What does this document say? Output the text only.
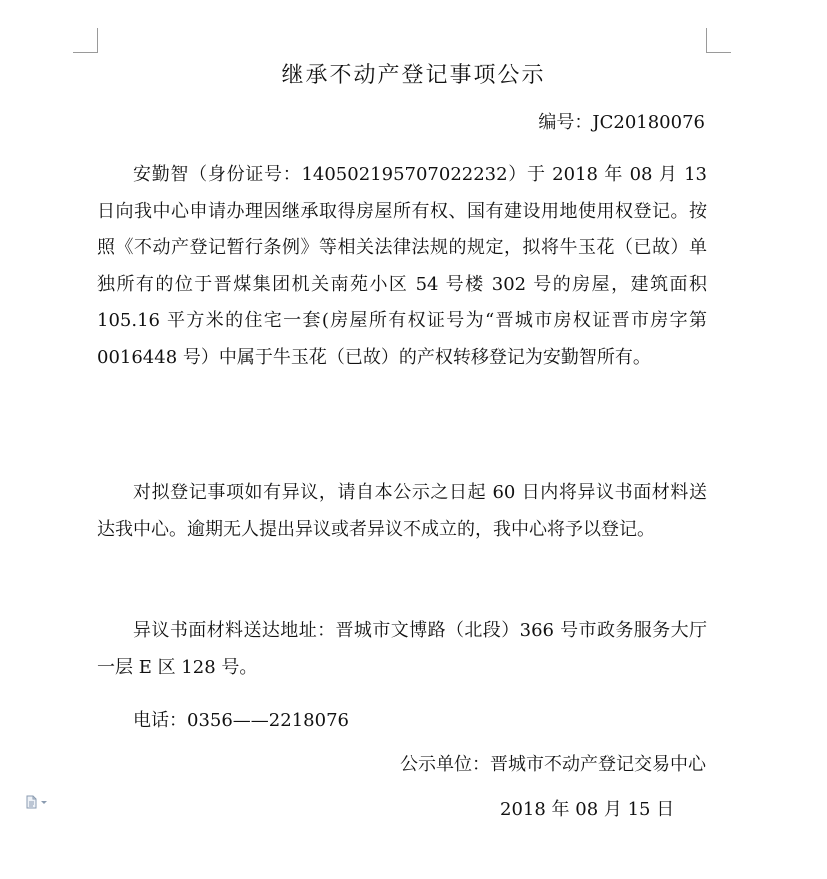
继承不动产登记事项公示
编号：JC20180076

安勤智（身份证号：140502195707022232）于 2018 年 08 月 13 日向我中心申请办理因继承取得房屋所有权、国有建设用地使用权登记。按照《不动产登记暂行条例》等相关法律法规的规定，拟将牛玉花（已故）单独所有的位于晋煤集团机关南苑小区 54 号楼 302 号的房屋，建筑面积 105.16 平方米的住宅一套(房屋所有权证号为“晋城市房权证晋市房字第 0016448 号）中属于牛玉花（已故）的产权转移登记为安勤智所有。

对拟登记事项如有异议，请自本公示之日起 60 日内将异议书面材料送达我中心。逾期无人提出异议或者异议不成立的，我中心将予以登记。

异议书面材料送达地址：晋城市文博路（北段）366 号市政务服务大厅一层 E 区 128 号。

电话：0356——2218076

公示单位：晋城市不动产登记交易中心
2018 年 08 月 15 日
